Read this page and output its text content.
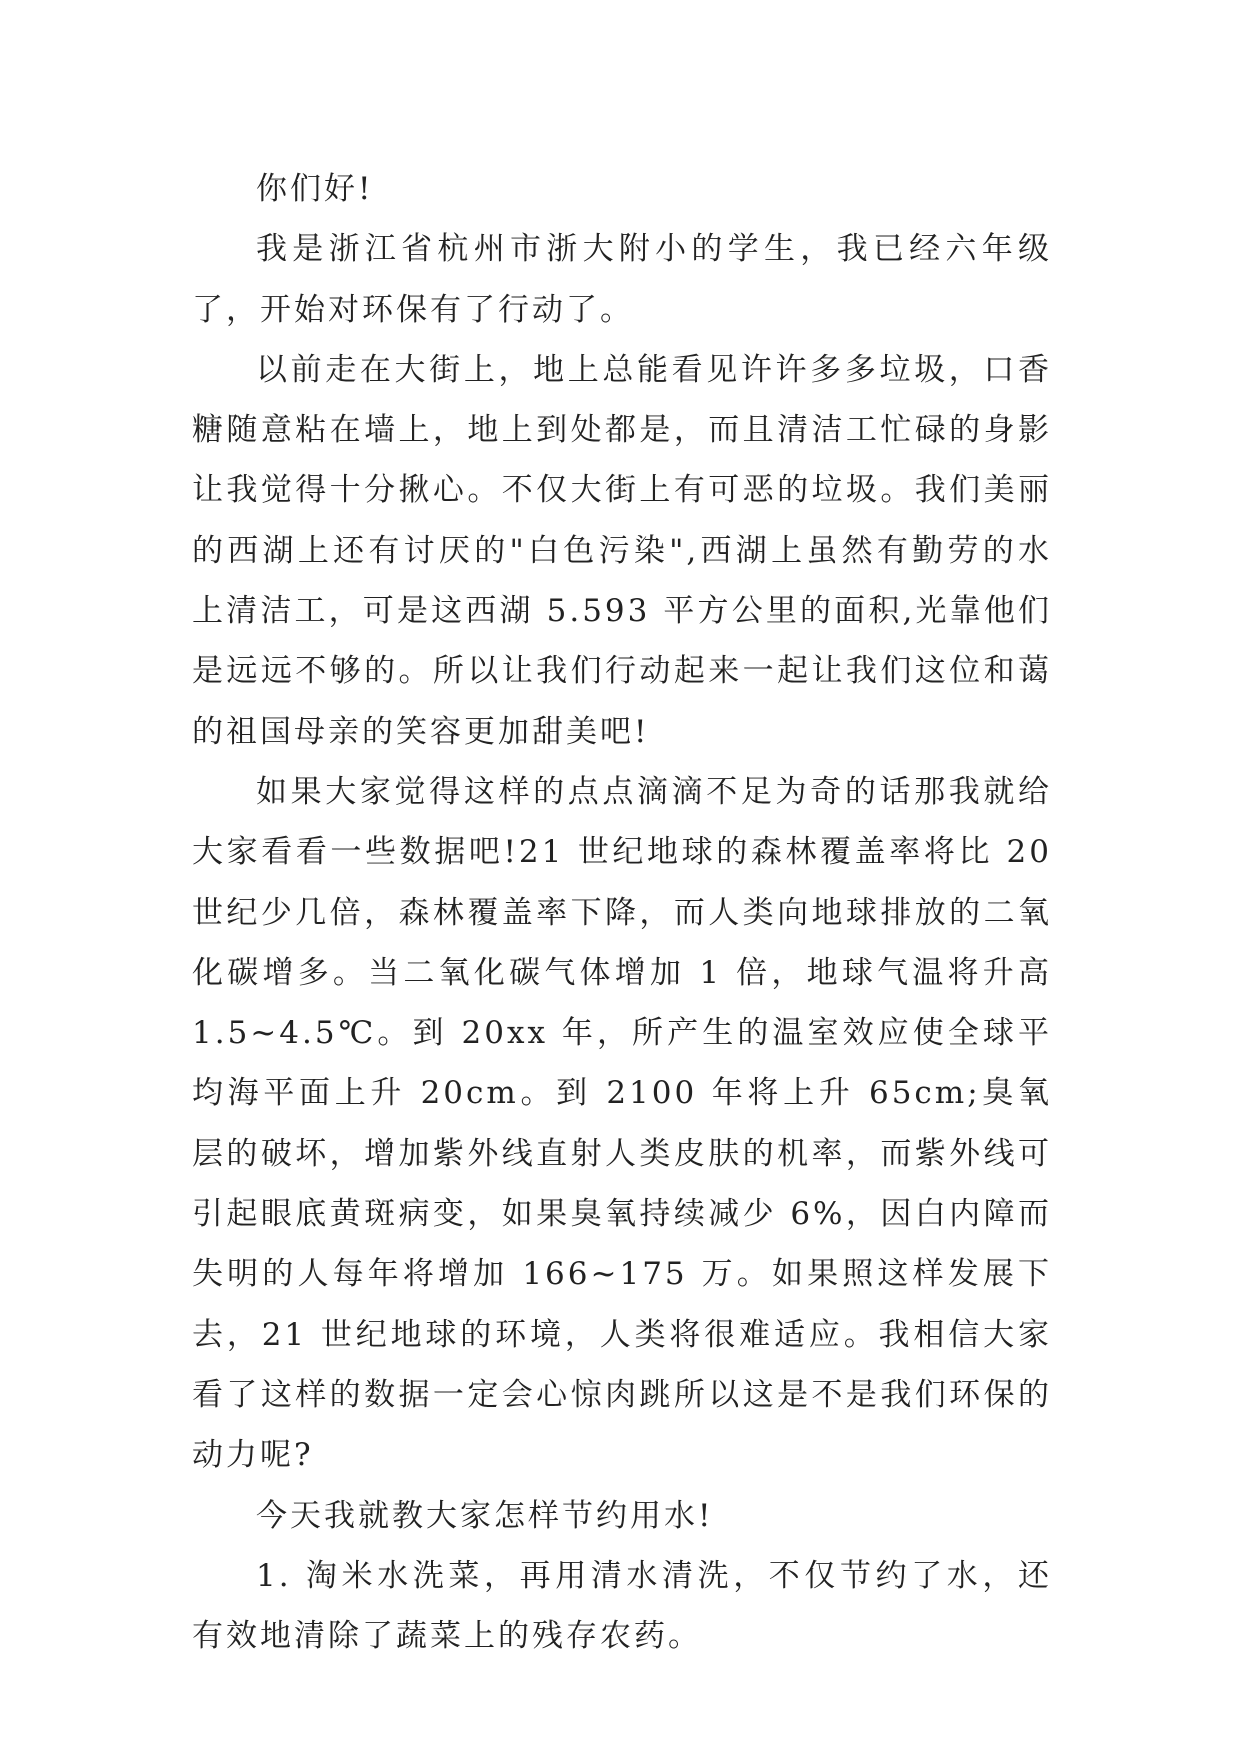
你们好!

我是浙江省杭州市浙大附小的学生，我已经六年级了，开始对环保有了行动了。

以前走在大街上，地上总能看见许许多多垃圾，口香糖随意粘在墙上，地上到处都是，而且清洁工忙碌的身影让我觉得十分揪心。不仅大街上有可恶的垃圾。我们美丽的西湖上还有讨厌的"白色污染",西湖上虽然有勤劳的水上清洁工，可是这西湖 5.593 平方公里的面积,光靠他们是远远不够的。所以让我们行动起来一起让我们这位和蔼的祖国母亲的笑容更加甜美吧!

如果大家觉得这样的点点滴滴不足为奇的话那我就给大家看看一些数据吧!21 世纪地球的森林覆盖率将比 20 世纪少几倍，森林覆盖率下降，而人类向地球排放的二氧化碳增多。当二氧化碳气体增加 1 倍，地球气温将升高 1.5~4.5℃。到 20xx 年，所产生的温室效应使全球平均海平面上升 20cm。到 2100 年将上升 65cm;臭氧层的破坏，增加紫外线直射人类皮肤的机率，而紫外线可引起眼底黄斑病变，如果臭氧持续减少 6%，因白内障而失明的人每年将增加 166~175 万。如果照这样发展下去，21 世纪地球的环境，人类将很难适应。我相信大家看了这样的数据一定会心惊肉跳所以这是不是我们环保的动力呢?

今天我就教大家怎样节约用水!

1. 淘米水洗菜，再用清水清洗，不仅节约了水，还有效地清除了蔬菜上的残存农药。
